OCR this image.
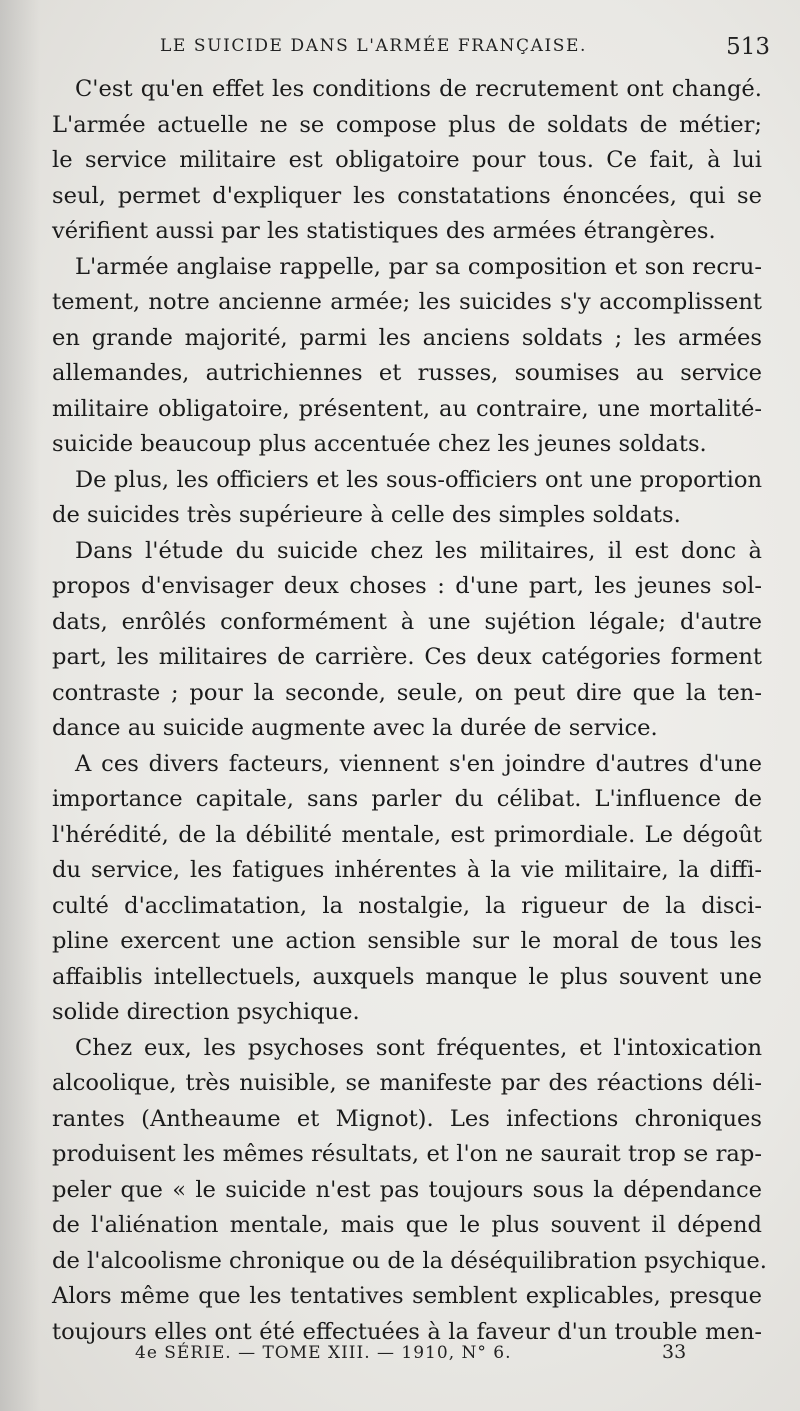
LE SUICIDE DANS L'ARMÉE FRANÇAISE.	513
C'est qu'en effet les conditions de recrutement ont changé.
L'armée actuelle ne se compose plus de soldats de métier;
le service militaire est obligatoire pour tous. Ce fait, à lui
seul, permet d'expliquer les constatations énoncées, qui se
vérifient aussi par les statistiques des armées étrangères.
L'armée anglaise rappelle, par sa composition et son recru-
tement, notre ancienne armée; les suicides s'y accomplissent
en grande majorité, parmi les anciens soldats ; les armées
allemandes, autrichiennes et russes, soumises au service
militaire obligatoire, présentent, au contraire, une mortalité-
suicide beaucoup plus accentuée chez les jeunes soldats.
De plus, les officiers et les sous-officiers ont une proportion
de suicides très supérieure à celle des simples soldats.
Dans l'étude du suicide chez les militaires, il est donc à
propos d'envisager deux choses : d'une part, les jeunes sol-
dats, enrôlés conformément à une sujétion légale; d'autre
part, les militaires de carrière. Ces deux catégories forment
contraste ; pour la seconde, seule, on peut dire que la ten-
dance au suicide augmente avec la durée de service.
A ces divers facteurs, viennent s'en joindre d'autres d'une
importance capitale, sans parler du célibat. L'influence de
l'hérédité, de la débilité mentale, est primordiale. Le dégoût
du service, les fatigues inhérentes à la vie militaire, la diffi-
culté d'acclimatation, la nostalgie, la rigueur de la disci-
pline exercent une action sensible sur le moral de tous les
affaiblis intellectuels, auxquels manque le plus souvent une
solide direction psychique.
Chez eux, les psychoses sont fréquentes, et l'intoxication
alcoolique, très nuisible, se manifeste par des réactions déli-
rantes (Antheaume et Mignot). Les infections chroniques
produisent les mêmes résultats, et l'on ne saurait trop se rap-
peler que « le suicide n'est pas toujours sous la dépendance
de l'aliénation mentale, mais que le plus souvent il dépend
de l'alcoolisme chronique ou de la déséquilibration psychique.
Alors même que les tentatives semblent explicables, presque
toujours elles ont été effectuées à la faveur d'un trouble men-
4e SÉRIE. — TOME XIII. — 1910, N° 6.	33
